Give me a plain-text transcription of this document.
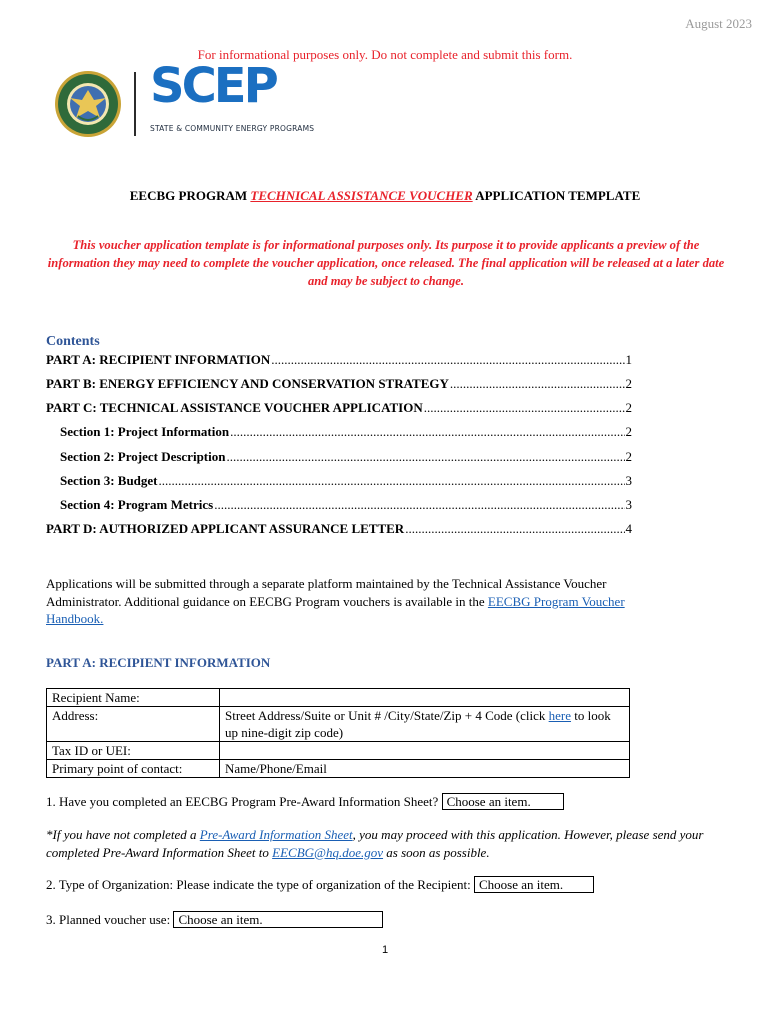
August 2023
For informational purposes only. Do not complete and submit this form.
SCEP
STATE & COMMUNITY ENERGY PROGRAMS
EECBG PROGRAM TECHNICAL ASSISTANCE VOUCHER APPLICATION TEMPLATE
This voucher application template is for informational purposes only. Its purpose it to provide applicants a preview of the information they may need to complete the voucher application, once released. The final application will be released at a later date and may be subject to change.
Contents
PART A: RECIPIENT INFORMATION .....	1
PART B: ENERGY EFFICIENCY AND CONSERVATION STRATEGY .....	2
PART C: TECHNICAL ASSISTANCE VOUCHER APPLICATION .....	2
Section 1: Project Information .....	2
Section 2: Project Description .....	2
Section 3: Budget .....	3
Section 4: Program Metrics .....	3
PART D: AUTHORIZED APPLICANT ASSURANCE LETTER .....	4
Applications will be submitted through a separate platform maintained by the Technical Assistance Voucher Administrator. Additional guidance on EECBG Program vouchers is available in the EECBG Program Voucher Handbook.
PART A: RECIPIENT INFORMATION
Recipient Name:	
Address:	Street Address/Suite or Unit # /City/State/Zip + 4 Code (click here to look up nine-digit zip code)
Tax ID or UEI:	
Primary point of contact:	Name/Phone/Email
1. Have you completed an EECBG Program Pre-Award Information Sheet? Choose an item.
*If you have not completed a Pre-Award Information Sheet, you may proceed with this application. However, please send your completed Pre-Award Information Sheet to EECBG@hq.doe.gov as soon as possible.
2. Type of Organization: Please indicate the type of organization of the Recipient: Choose an item.
3. Planned voucher use: Choose an item.
1
